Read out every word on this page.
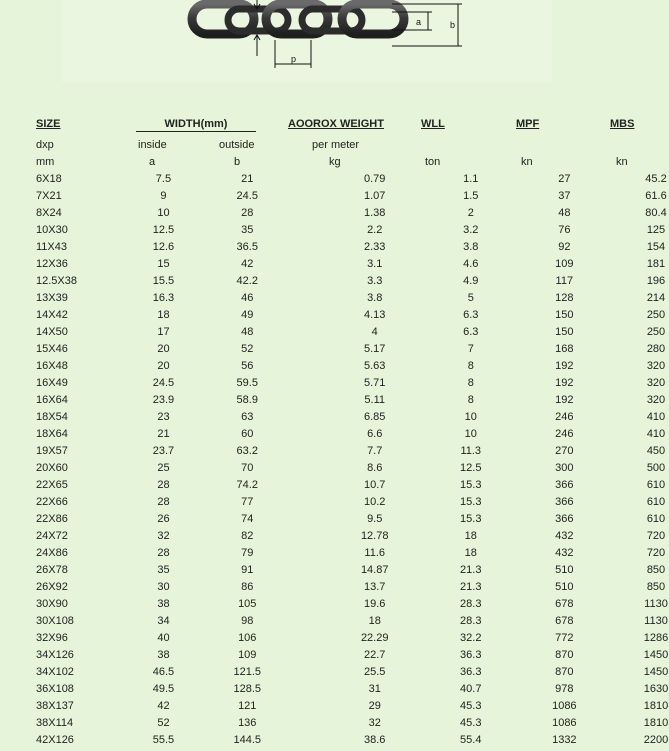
a	b
p
SIZE	WIDTH(mm)	AOOROX WEIGHT	WLL	MPF	MBS
dxp	inside	outside	per meter
mm	a	b	kg	ton	kn	kn
6X18	7.5	21	0.79	1.1	27	45.2
7X21	9	24.5	1.07	1.5	37	61.6
8X24	10	28	1.38	2	48	80.4
10X30	12.5	35	2.2	3.2	76	125
11X43	12.6	36.5	2.33	3.8	92	154
12X36	15	42	3.1	4.6	109	181
12.5X38	15.5	42.2	3.3	4.9	117	196
13X39	16.3	46	3.8	5	128	214
14X42	18	49	4.13	6.3	150	250
14X50	17	48	4	6.3	150	250
15X46	20	52	5.17	7	168	280
16X48	20	56	5.63	8	192	320
16X49	24.5	59.5	5.71	8	192	320
16X64	23.9	58.9	5.11	8	192	320
18X54	23	63	6.85	10	246	410
18X64	21	60	6.6	10	246	410
19X57	23.7	63.2	7.7	11.3	270	450
20X60	25	70	8.6	12.5	300	500
22X65	28	74.2	10.7	15.3	366	610
22X66	28	77	10.2	15.3	366	610
22X86	26	74	9.5	15.3	366	610
24X72	32	82	12.78	18	432	720
24X86	28	79	11.6	18	432	720
26X78	35	91	14.87	21.3	510	850
26X92	30	86	13.7	21.3	510	850
30X90	38	105	19.6	28.3	678	1130
30X108	34	98	18	28.3	678	1130
32X96	40	106	22.29	32.2	772	1286
34X126	38	109	22.7	36.3	870	1450
34X102	46.5	121.5	25.5	36.3	870	1450
36X108	49.5	128.5	31	40.7	978	1630
38X137	42	121	29	45.3	1086	1810
38X114	52	136	32	45.3	1086	1810
42X126	55.5	144.5	38.6	55.4	1332	2200
